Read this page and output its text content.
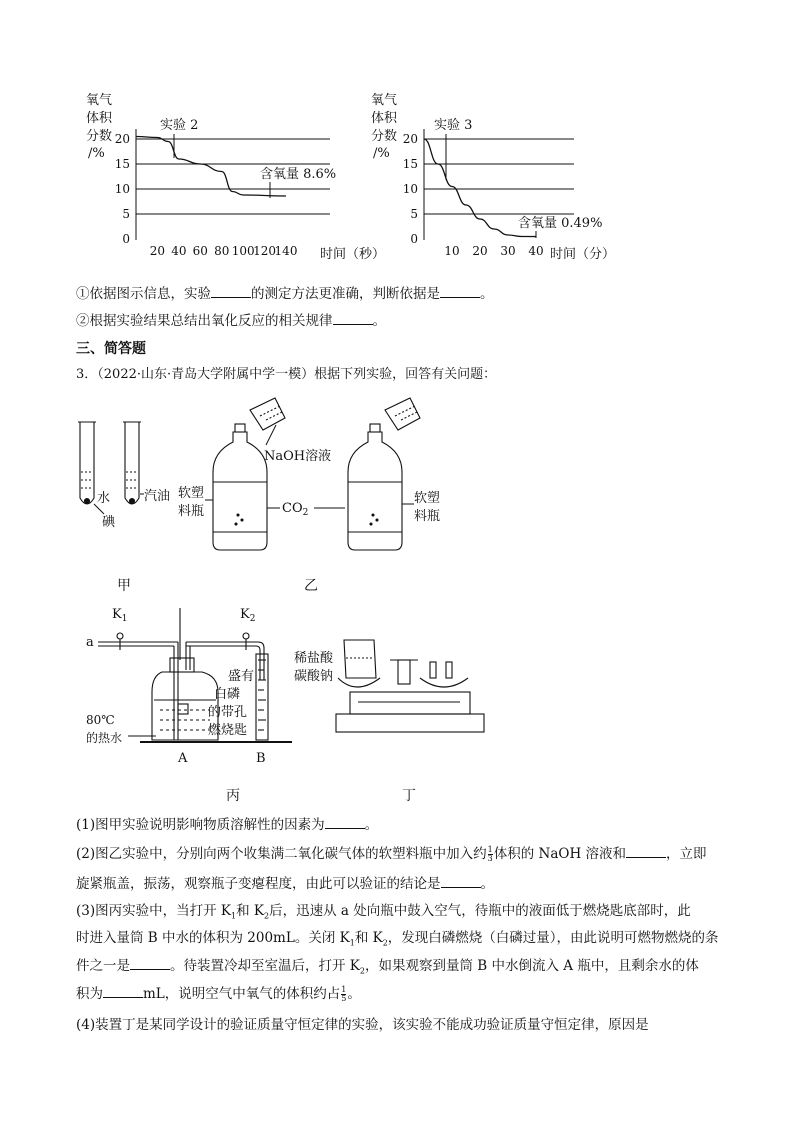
氧气
体积
分数
/%
0
5
10
15
20
20 40 60 80 100
120
140
实验 2
含氧量 8.6%
时间（秒）
氧气
体积
分数
/%
0
5
10
15
20
10 20 30 40
实验 3
含氧量 0.49%
时间（分）
①依据图示信息，实验	的测定方法更准确，判断依据是	。
②根据实验结果总结出氧化反应的相关规律	。
三、简答题
3．（2022·山东·青岛大学附属中学一模）根据下列实验，回答有关问题：
水	汽油
碘
NaOH溶液
软塑
料瓶	$CO_2$
软塑
料瓶
甲	乙
$K_1$	$K_2$
a
盛有
白磷
的带孔
燃烧匙
80℃
的热水
A	B
稀盐酸
碳酸钠
丙	丁
(1)图甲实验说明影响物质溶解性的因素为	。
(2)图乙实验中，分别向两个收集满二氧化碳气体的软塑料瓶中加入约 $\frac{1}{3}$ 体积的 NaOH 溶液和	，立即
旋紧瓶盖，振荡，观察瓶子变瘪程度，由此可以验证的结论是	。
(3)图丙实验中，当打开 $K_1$和 $K_2$后，迅速从 a 处向瓶中鼓入空气，待瓶中的液面低于燃烧匙底部时，此
时进入量筒 B 中水的体积为 200mL。关闭 $K_1$和 $K_2$，发现白磷燃烧（白磷过量），由此说明可燃物燃烧的条
件之一是	。待装置冷却至室温后，打开 $K_2$，如果观察到量筒 B 中水倒流入 A 瓶中，且剩余水的体
积为	mL，说明空气中氧气的体积约占 $\frac{1}{5}$ 。
(4)装置丁是某同学设计的验证质量守恒定律的实验，该实验不能成功验证质量守恒定律，原因是
